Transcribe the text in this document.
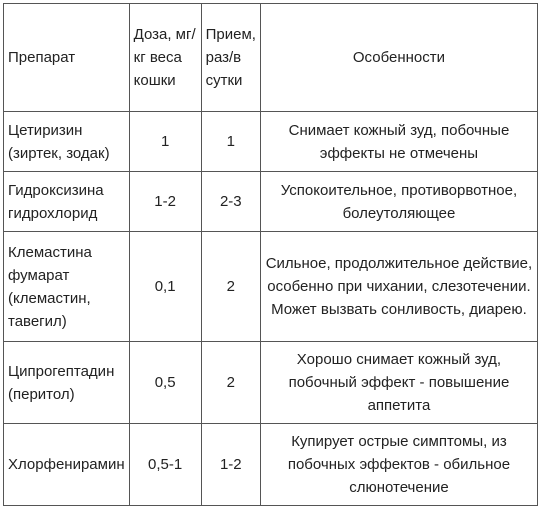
Препарат	Доза, мг/кг веса кошки	Прием, раз/в сутки	Особенности
Цетиризин (зиртек, зодак)	1	1	Снимает кожный зуд, побочные эффекты не отмечены
Гидроксизина гидрохлорид	1-2	2-3	Успокоительное, противорвотное, болеутоляющее
Клемастина фумарат (клемастин, тавегил)	0,1	2	Сильное, продолжительное действие, особенно при чихании, слезотечении. Может вызвать сонливость, диарею.
Ципрогептадин (перитол)	0,5	2	Хорошо снимает кожный зуд, побочный эффект - повышение аппетита
Хлорфенирамин	0,5-1	1-2	Купирует острые симптомы, из побочных эффектов - обильное слюнотечение
